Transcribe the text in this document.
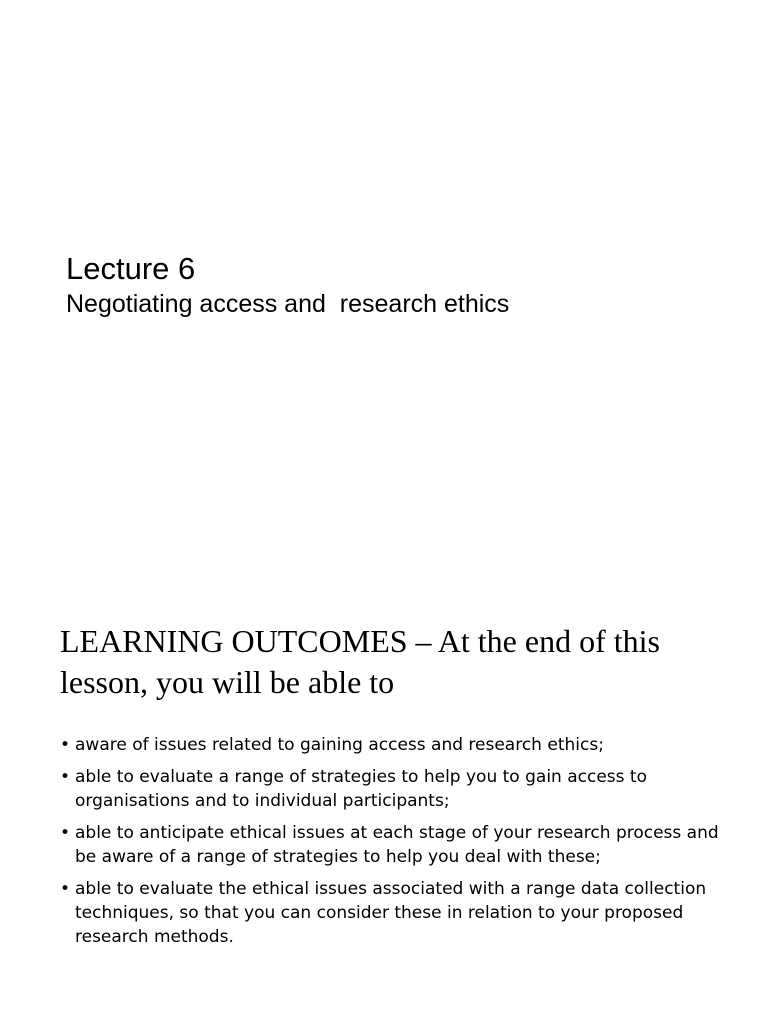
Lecture 6
Negotiating access and  research ethics
LEARNING OUTCOMES – At the end of this lesson, you will be able to
• aware of issues related to gaining access and research ethics;
• able to evaluate a range of strategies to help you to gain access to organisations and to individual participants;
• able to anticipate ethical issues at each stage of your research process and be aware of a range of strategies to help you deal with these;
• able to evaluate the ethical issues associated with a range data collection techniques, so that you can consider these in relation to your proposed research methods.
